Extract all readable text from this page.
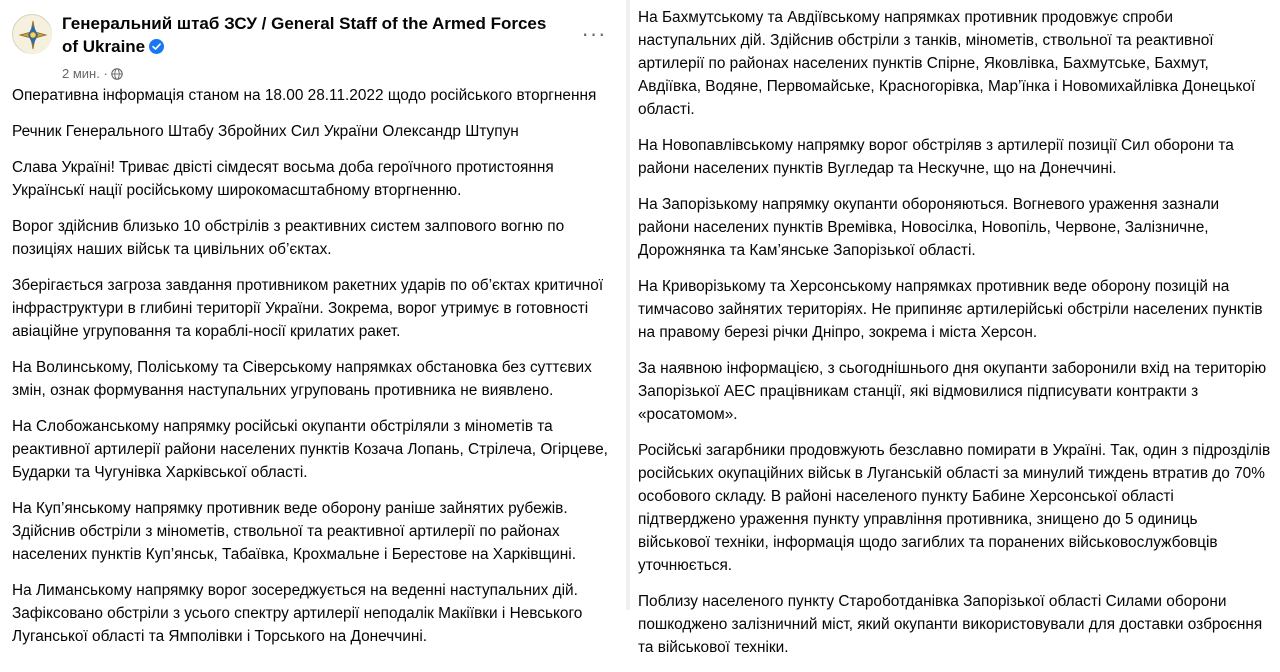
Генеральний штаб ЗСУ / General Staff of the Armed Forces of Ukraine
2 мин. ·
···

Оперативна інформація станом на 18.00 28.11.2022 щодо російського вторгнення

Речник Генерального Штабу Збройних Сил України Олександр Штупун

Слава Україні! Триває двісті сімдесят восьма доба героїчного протистояння Українськї нації російському широкомасштабному вторгненню.

Ворог здійснив близько 10 обстрілів з реактивних систем залпового вогню по позиціях наших військ та цивільних об’єктах.

Зберігається загроза завдання противником ракетних ударів по об’єктах критичної інфраструктури в глибині території України. Зокрема, ворог утримує в готовності авіаційне угруповання та кораблі-носії крилатих ракет.

На Волинському, Поліському та Сіверському напрямках обстановка без суттєвих змін, ознак формування наступальних угруповань противника не виявлено.

На Слобожанському напрямку російські окупанти обстріляли з мінометів та реактивної артилерії райони населених пунктів Козача Лопань, Стрілеча, Огірцеве, Бударки та Чугунівка Харківської області.

На Куп’янському напрямку противник веде оборону раніше зайнятих рубежів. Здійснив обстріли з мінометів, ствольної та реактивної артилерії по районах населених пунктів Куп’янськ, Табаївка, Крохмальне і Берестове на Харківщині.

На Лиманському напрямку ворог зосереджується на веденні наступальних дій. Зафіксовано обстріли з усього спектру артилерії неподалік Макіївки і Невського Луганської області та Ямполівки і Торського на Донеччині.

На Бахмутському та Авдіївському напрямках противник продовжує спроби наступальних дій. Здійснив обстріли з танків, мінометів, ствольної та реактивної артилерії по районах населених пунктів Спірне, Яковлівка, Бахмутське, Бахмут, Авдіївка, Водяне, Первомайське, Красногорівка, Мар’їнка і Новомихайлівка Донецької області.

На Новопавлівському напрямку ворог обстріляв з артилерії позиції Сил оборони та райони населених пунктів Вугледар та Нескучне, що на Донеччині.

На Запорізькому напрямку окупанти обороняються. Вогневого ураження зазнали райони населених пунктів Времівка, Новосілка, Новопіль, Червоне, Залізничне, Дорожнянка та Кам’янське Запорізької області.

На Криворізькому та Херсонському напрямках противник веде оборону позицій на тимчасово зайнятих територіях. Не припиняє артилерійські обстріли населених пунктів на правому березі річки Дніпро, зокрема і міста Херсон.

За наявною інформацією, з сьогоднішнього дня окупанти заборонили вхід на територію Запорізької АЕС працівникам станції, які відмовилися підписувати контракти з «росатомом».

Російські загарбники продовжують безславно помирати в Україні. Так, один з підрозділів російських окупаційних військ в Луганській області за минулий тиждень втратив до 70% особового складу. В районі населеного пункту Бабине Херсонської області підтверджено ураження пункту управління противника, знищено до 5 одиниць військової техніки, інформація щодо загиблих та поранених військовослужбовців уточнюється.

Поблизу населеного пункту Староботданівка Запорізької області Силами оборони пошкоджено залізничний міст, який окупанти використовували для доставки озброєння та військової техніки.
